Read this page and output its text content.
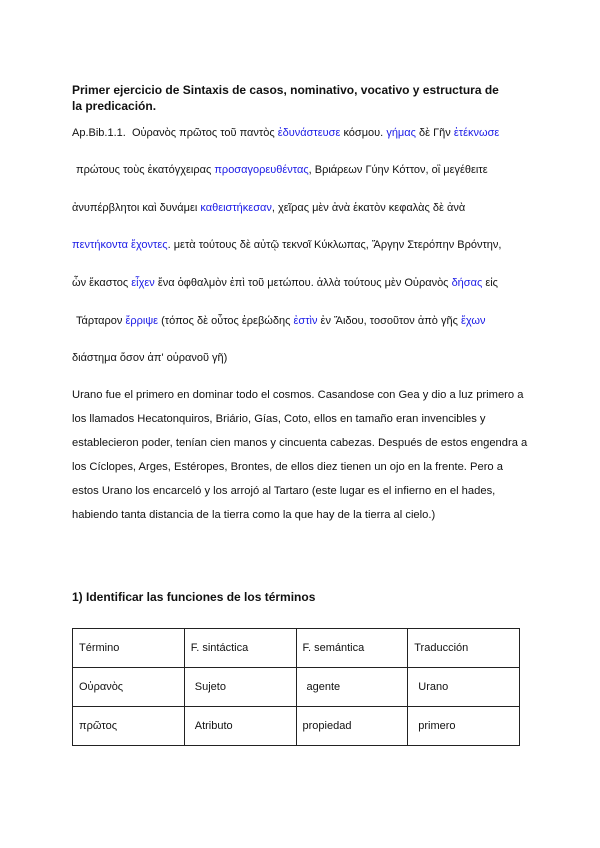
Primer ejercicio de Sintaxis de casos, nominativo, vocativo y estructura de la predicación.
Ap.Bib.1.1. Οὐρανὸς πρῶτος τοῦ παντὸς ἐδυνάστευσε κόσμου. γήμας δὲ Γῆν ἐτέκνωσε
πρώτους τοὺς ἑκατόγχειρας προσαγορευθέντας, Βριάρεων Γύην Κόττον, οἳ μεγέθειτε
ἀνυπέρβλητοι καὶ δυνάμει καθειστήκεσαν, χεῖρας μὲν ἀνὰ ἑκατὸν κεφαλὰς δὲ ἀνὰ
πεντήκοντα ἔχοντες. μετὰ τούτους δὲ αὐτῷ τεκνοῖ Κύκλωπας, Ἄργην Στερόπην Βρόντην,
ὧν ἕκαστος εἶχεν ἕνα ὀφθαλμὸν ἐπὶ τοῦ μετώπου. ἀλλὰ τούτους μὲν Οὐρανὸς δήσας εἰς
Τάρταρον ἔρριψε (τόπος δὲ οὗτος ἐρεβώδης ἐστὶν ἐν Ἅιδου, τοσοῦτον ἀπὸ γῆς ἔχων
διάστημα ὅσον ἀπ' οὐρανοῦ γῆ)
Urano fue el primero en dominar todo el cosmos. Casandose con Gea y dio a luz primero a
los llamados Hecatonquiros, Briário, Gías, Coto, ellos en tamaño eran invencibles y
establecieron poder, tenían cien manos y cincuenta cabezas. Después de estos engendra a
los Cíclopes, Arges, Estéropes, Brontes, de ellos diez tienen un ojo en la frente. Pero a
estos Urano los encarceló y los arrojó al Tartaro (este lugar es el infierno en el hades,
habiendo tanta distancia de la tierra como la que hay de la tierra al cielo.)
1) Identificar las funciones de los términos
Término	F. sintáctica	F. semántica	Traducción
Οὐρανὸς	Sujeto	agente	Urano
πρῶτος	Atributo	propiedad	primero
